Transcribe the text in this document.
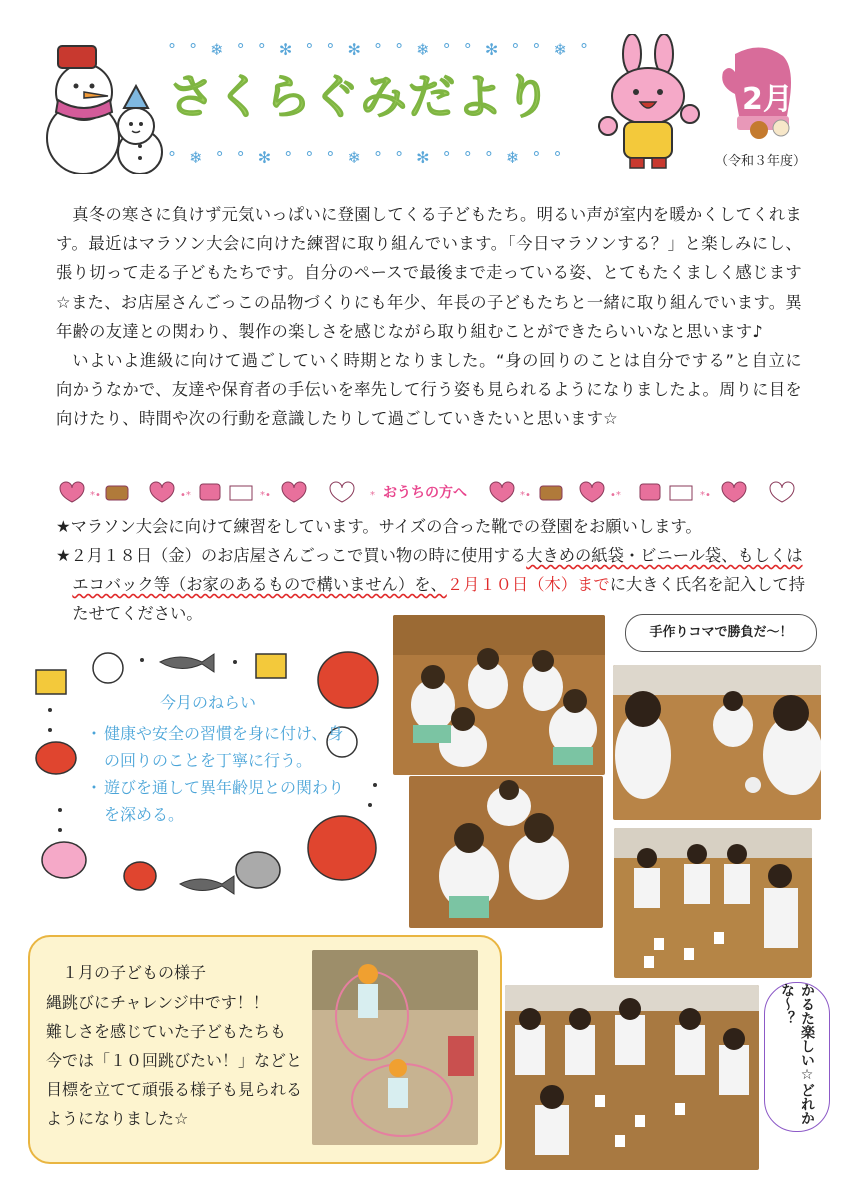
° ° ❄ ° ° ✻ ° ° ✻ ° ° ❄ ° ° ✻ ° ° ❄ °
さくらぐみだより
° ❄ ° ° ✻ ° ° ° ❄ ° ° ✻ ° ° ° ❄ ° °
2月
（令和３年度）

真冬の寒さに負けず元気いっぱいに登園してくる子どもたち。明るい声が室内を暖かくしてくれます。最近はマラソン大会に向けた練習に取り組んでいます。「今日マラソンする？」と楽しみにし、張り切って走る子どもたちです。自分のペースで最後まで走っている姿、とてもたくましく感じます☆また、お店屋さんごっこの品物づくりにも年少、年長の子どもたちと一緒に取り組んでいます。異年齢の友達との関わり、製作の楽しさを感じながら取り組むことができたらいいなと思います♪

いよいよ進級に向けて過ごしていく時期となりました。“身の回りのことは自分でする”と自立に向かうなかで、友達や保育者の手伝いを率先して行う姿も見られるようになりましたよ。周りに目を向けたり、時間や次の行動を意識したりして過ごしていきたいと思います☆

*•	•*	*•	*	*•	•*	*•
おうちの方へ

★マラソン大会に向けて練習をしています。サイズの合った靴での登園をお願いします。

★２月１８日（金）のお店屋さんごっこで買い物の時に使用する大きめの紙袋・ビニール袋、もしくはエコバック等（お家のあるもので構いません）を、２月１０日（木）までに大きく氏名を記入して持たせてください。

今月のねらい
・ 健康や安全の習慣を身に付け、身の回りのことを丁寧に行う。
・ 遊びを通して異年齢児との関わりを深める。
手作りコマで勝負だ～！
かるた楽しい☆どれかな～？
１月の子どもの様子
縄跳びにチャレンジ中です！！
難しさを感じていた子どもたちも
今では「１０回跳びたい！」などと
目標を立てて頑張る様子も見られる
ようになりました☆
